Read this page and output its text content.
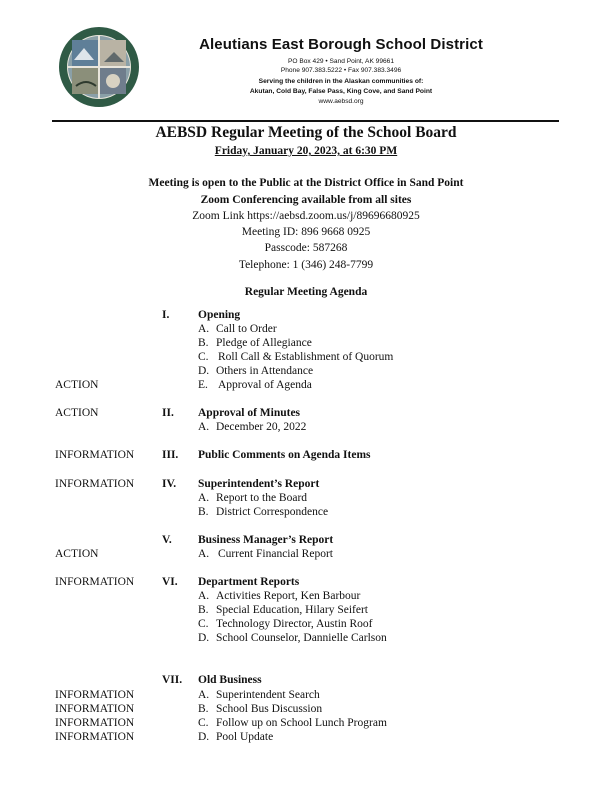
Aleutians East Borough School District
PO Box 429 • Sand Point, AK 99661
Phone 907.383.5222 • Fax 907.383.3496
Serving the children in the Alaskan communities of:
Akutan, Cold Bay, False Pass, King Cove, and Sand Point
www.aebsd.org
AEBSD Regular Meeting of the School Board
Friday, January 20, 2023, at 6:30 PM
Meeting is open to the Public at the District Office in Sand Point
Zoom Conferencing available from all sites
Zoom Link https://aebsd.zoom.us/j/89696680925
Meeting ID: 896 9668 0925
Passcode: 587268
Telephone: 1 (346) 248-7799
Regular Meeting Agenda
I. Opening
A. Call to Order
B. Pledge of Allegiance
C. Roll Call & Establishment of Quorum
D. Others in Attendance
ACTION	E. Approval of Agenda
ACTION	II. Approval of Minutes
A. December 20, 2022
INFORMATION III. Public Comments on Agenda Items
INFORMATION IV. Superintendent’s Report
A. Report to the Board
B. District Correspondence
V. Business Manager’s Report
ACTION	A. Current Financial Report
INFORMATION VI. Department Reports
A. Activities Report, Ken Barbour
B. Special Education, Hilary Seifert
C. Technology Director, Austin Roof
D. School Counselor, Dannielle Carlson
VII. Old Business
INFORMATION	A. Superintendent Search
INFORMATION	B. School Bus Discussion
INFORMATION	C. Follow up on School Lunch Program
INFORMATION	D. Pool Update
